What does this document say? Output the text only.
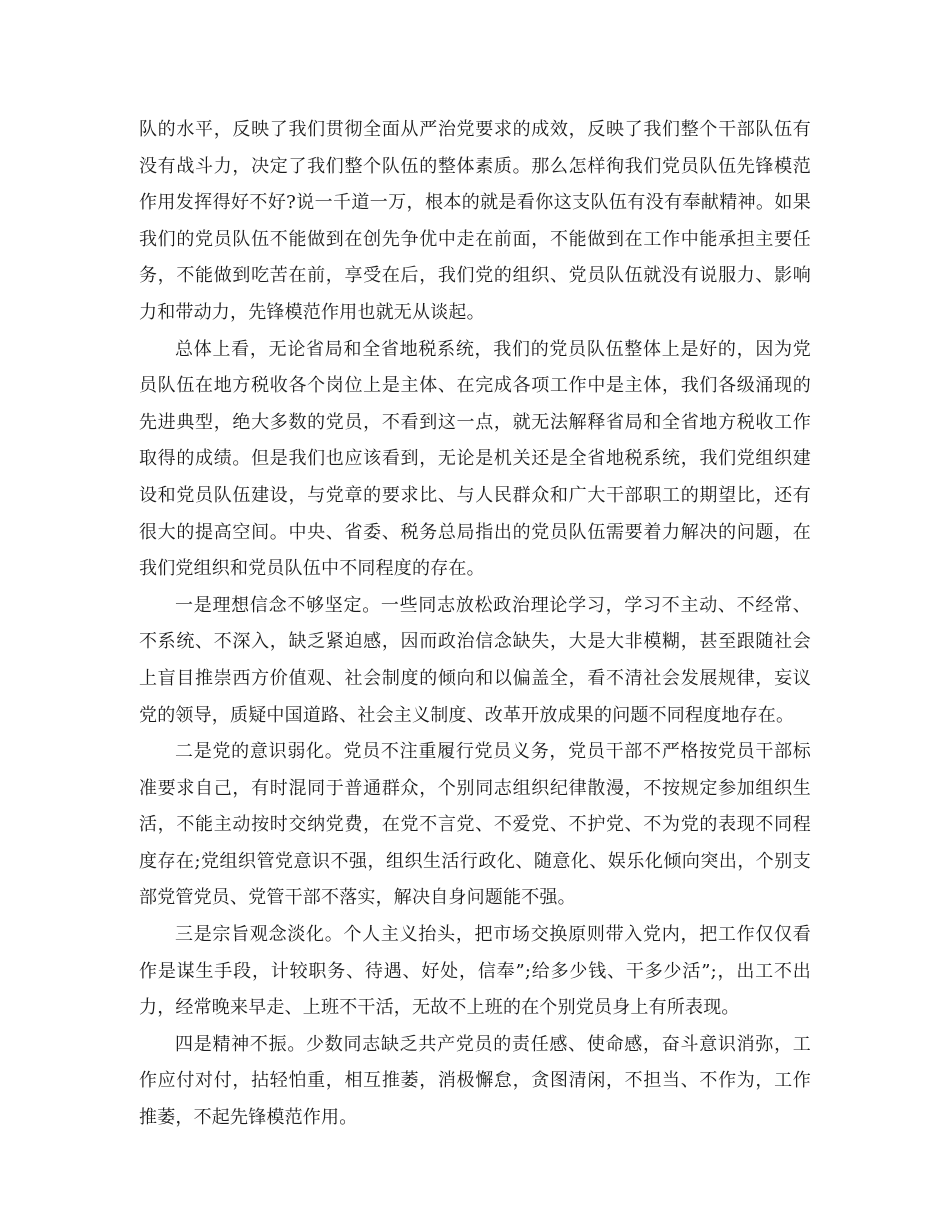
队的水平，反映了我们贯彻全面从严治党要求的成效，反映了我们整个干部队伍有没有战斗力，决定了我们整个队伍的整体素质。那么怎样徇我们党员队伍先锋模范作用发挥得好不好?说一千道一万，根本的就是看你这支队伍有没有奉献精神。如果我们的党员队伍不能做到在创先争优中走在前面，不能做到在工作中能承担主要任务，不能做到吃苦在前，享受在后，我们党的组织、党员队伍就没有说服力、影响力和带动力，先锋模范作用也就无从谈起。

总体上看，无论省局和全省地税系统，我们的党员队伍整体上是好的，因为党员队伍在地方税收各个岗位上是主体、在完成各项工作中是主体，我们各级涌现的先进典型，绝大多数的党员，不看到这一点，就无法解释省局和全省地方税收工作取得的成绩。但是我们也应该看到，无论是机关还是全省地税系统，我们党组织建设和党员队伍建设，与党章的要求比、与人民群众和广大干部职工的期望比，还有很大的提高空间。中央、省委、税务总局指出的党员队伍需要着力解决的问题，在我们党组织和党员队伍中不同程度的存在。

一是理想信念不够坚定。一些同志放松政治理论学习，学习不主动、不经常、不系统、不深入，缺乏紧迫感，因而政治信念缺失，大是大非模糊，甚至跟随社会上盲目推崇西方价值观、社会制度的倾向和以偏盖全，看不清社会发展规律，妄议党的领导，质疑中国道路、社会主义制度、改革开放成果的问题不同程度地存在。

二是党的意识弱化。党员不注重履行党员义务，党员干部不严格按党员干部标准要求自己，有时混同于普通群众，个别同志组织纪律散漫，不按规定参加组织生活，不能主动按时交纳党费，在党不言党、不爱党、不护党、不为党的表现不同程度存在;党组织管党意识不强，组织生活行政化、随意化、娱乐化倾向突出，个别支部党管党员、党管干部不落实，解决自身问题能不强。

三是宗旨观念淡化。个人主义抬头，把市场交换原则带入党内，把工作仅仅看作是谋生手段，计较职务、待遇、好处，信奉”;给多少钱、干多少活”;，出工不出力，经常晚来早走、上班不干活，无故不上班的在个别党员身上有所表现。

四是精神不振。少数同志缺乏共产党员的责任感、使命感，奋斗意识消弥，工作应付对付，拈轻怕重，相互推萎，消极懈怠，贪图清闲，不担当、不作为，工作推萎，不起先锋模范作用。
